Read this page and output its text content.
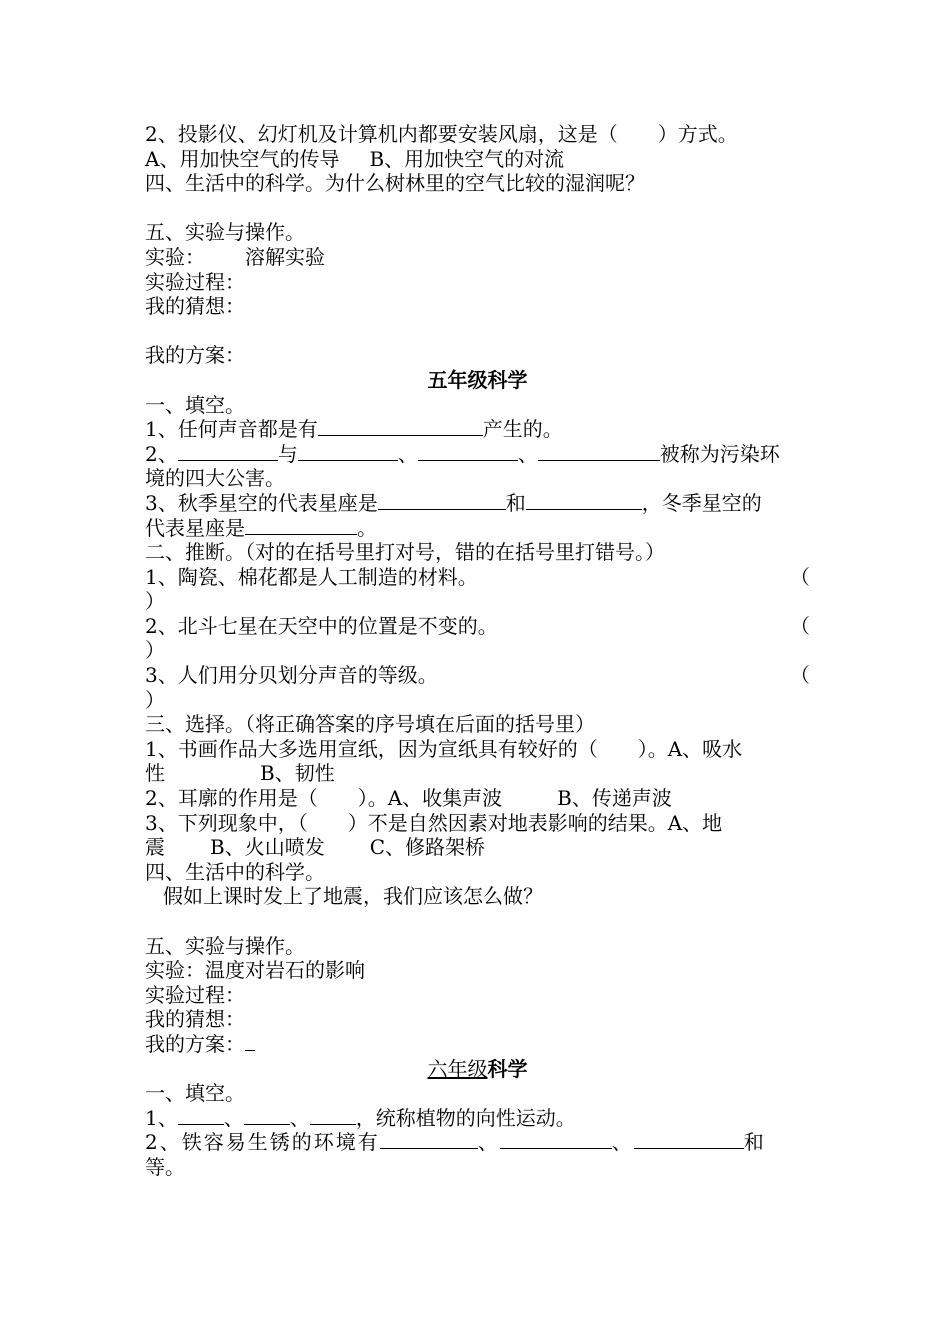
2、投影仪、幻灯机及计算机内都要安装风扇，这是（　　）方式。
A、用加快空气的传导 B、用加快空气的对流
四、生活中的科学。为什么树林里的空气比较的湿润呢？
五、实验与操作。
实验： 溶解实验
实验过程：
我的猜想：
我的方案：
五年级科学
一、填空。
1、任何声音都是有	产生的。
2、	与	、	、	被称为污染环
境的四大公害。
3、秋季星空的代表星座是	和	，冬季星空的
代表星座是	。
二、推断。（对的在括号里打对号，错的在括号里打错号。）
1、陶瓷、棉花都是人工制造的材料。	（
）
2、北斗七星在天空中的位置是不变的。	（
）
3、人们用分贝划分声音的等级。	（
）
三、选择。（将正确答案的序号填在后面的括号里）
1、书画作品大多选用宣纸，因为宣纸具有较好的（　　）。A、吸水
性	B、韧性
2、耳廓的作用是（　　）。A、收集声波	B、传递声波
3、下列现象中，（　　）不是自然因素对地表影响的结果。A、地
震 B、火山喷发 C、修路架桥
四、生活中的科学。
假如上课时发上了地震，我们应该怎么做？
五、实验与操作。
实验：温度对岩石的影响
实验过程：
我的猜想：
我的方案：
六年级科学
一、填空。
1、 、 、 ，统称植物的向性运动。
2、铁容易生锈的环境有	、	、	和
等。
